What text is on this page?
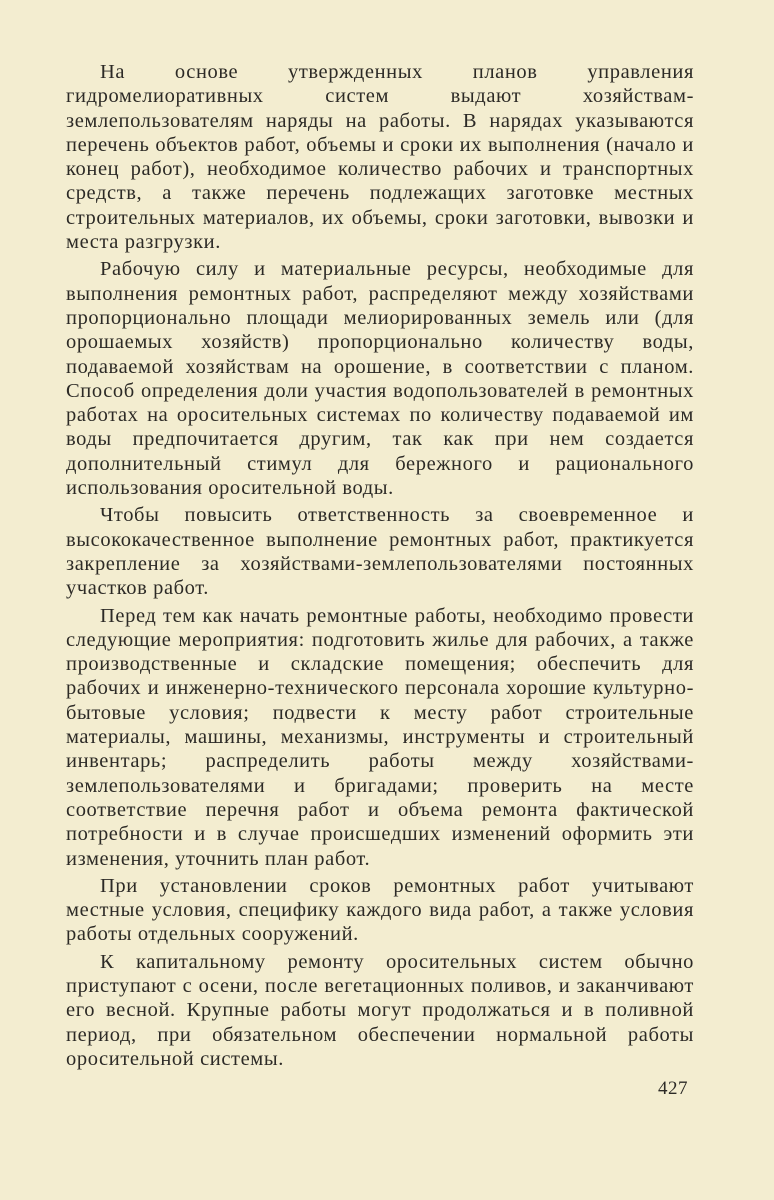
На основе утвержденных планов управления гидромелиоративных систем выдают хозяйствам-землепользователям наряды на работы. В нарядах указываются перечень объектов работ, объемы и сроки их выполнения (начало и конец работ), необходимое количество рабочих и транспортных средств, а также перечень подлежащих заготовке местных строительных материалов, их объемы, сроки заготовки, вывозки и места разгрузки.

Рабочую силу и материальные ресурсы, необходимые для выполнения ремонтных работ, распределяют между хозяйствами пропорционально площади мелиорированных земель или (для орошаемых хозяйств) пропорционально количеству воды, подаваемой хозяйствам на орошение, в соответствии с планом. Способ определения доли участия водопользователей в ремонтных работах на оросительных системах по количеству подаваемой им воды предпочитается другим, так как при нем создается дополнительный стимул для бережного и рационального использования оросительной воды.

Чтобы повысить ответственность за своевременное и высококачественное выполнение ремонтных работ, практикуется закрепление за хозяйствами-землепользователями постоянных участков работ.

Перед тем как начать ремонтные работы, необходимо провести следующие мероприятия: подготовить жилье для рабочих, а также производственные и складские помещения; обеспечить для рабочих и инженерно-технического персонала хорошие культурно-бытовые условия; подвести к месту работ строительные материалы, машины, механизмы, инструменты и строительный инвентарь; распределить работы между хозяйствами-землепользователями и бригадами; проверить на месте соответствие перечня работ и объема ремонта фактической потребности и в случае происшедших изменений оформить эти изменения, уточнить план работ.

При установлении сроков ремонтных работ учитывают местные условия, специфику каждого вида работ, а также условия работы отдельных сооружений.

К капитальному ремонту оросительных систем обычно приступают с осени, после вегетационных поливов, и заканчивают его весной. Крупные работы могут продолжаться и в поливной период, при обязательном обеспечении нормальной работы оросительной системы.

427
